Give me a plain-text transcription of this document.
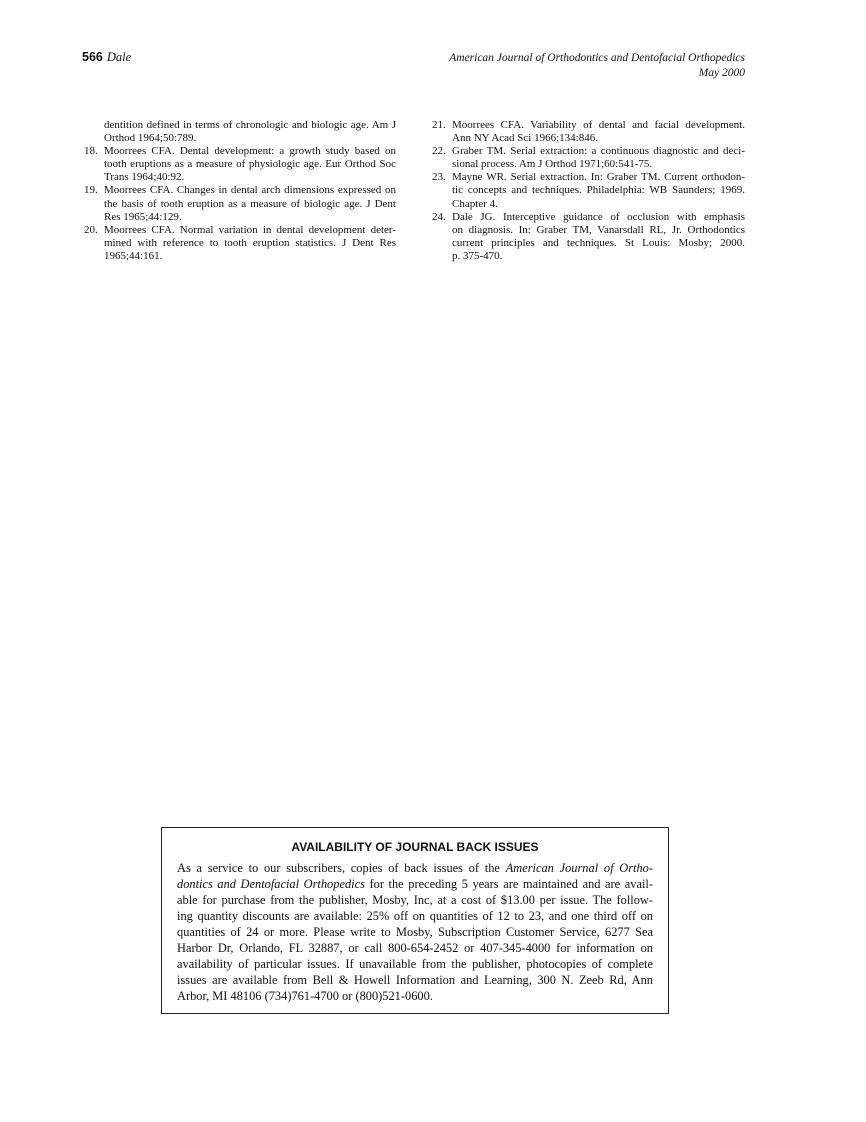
566 Dale	American Journal of Orthodontics and Dentofacial Orthopedics
May 2000
dentition defined in terms of chronologic and biologic age. Am J
Orthod 1964;50:789.
18. Moorrees CFA. Dental development: a growth study based on
tooth eruptions as a measure of physiologic age. Eur Orthod Soc
Trans 1964;40:92.
19. Moorrees CFA. Changes in dental arch dimensions expressed on
the basis of tooth eruption as a measure of biologic age. J Dent
Res 1965;44:129.
20. Moorrees CFA. Normal variation in dental development deter-
mined with reference to tooth eruption statistics. J Dent Res
1965;44:161.
21. Moorrees CFA. Variability of dental and facial development.
Ann NY Acad Sci 1966;134:846.
22. Graber TM. Serial extraction: a continuous diagnostic and deci-
sional process. Am J Orthod 1971;60:541-75.
23. Mayne WR. Serial extraction. In: Graber TM. Current orthodon-
tic concepts and techniques. Philadelphia: WB Saunders; 1969.
Chapter 4.
24. Dale JG. Interceptive guidance of occlusion with emphasis
on diagnosis. In: Graber TM, Vanarsdall RL, Jr. Orthodontics
current principles and techniques. St Louis: Mosby; 2000.
p. 375-470.
AVAILABILITY OF JOURNAL BACK ISSUES
As a service to our subscribers, copies of back issues of the American Journal of Ortho-
dontics and Dentofacial Orthopedics for the preceding 5 years are maintained and are avail-
able for purchase from the publisher, Mosby, Inc, at a cost of $13.00 per issue. The follow-
ing quantity discounts are available: 25% off on quantities of 12 to 23, and one third off on
quantities of 24 or more. Please write to Mosby, Subscription Customer Service, 6277 Sea
Harbor Dr, Orlando, FL 32887, or call 800-654-2452 or 407-345-4000 for information on
availability of particular issues. If unavailable from the publisher, photocopies of complete
issues are available from Bell & Howell Information and Learning, 300 N. Zeeb Rd, Ann
Arbor, MI 48106 (734)761-4700 or (800)521-0600.
